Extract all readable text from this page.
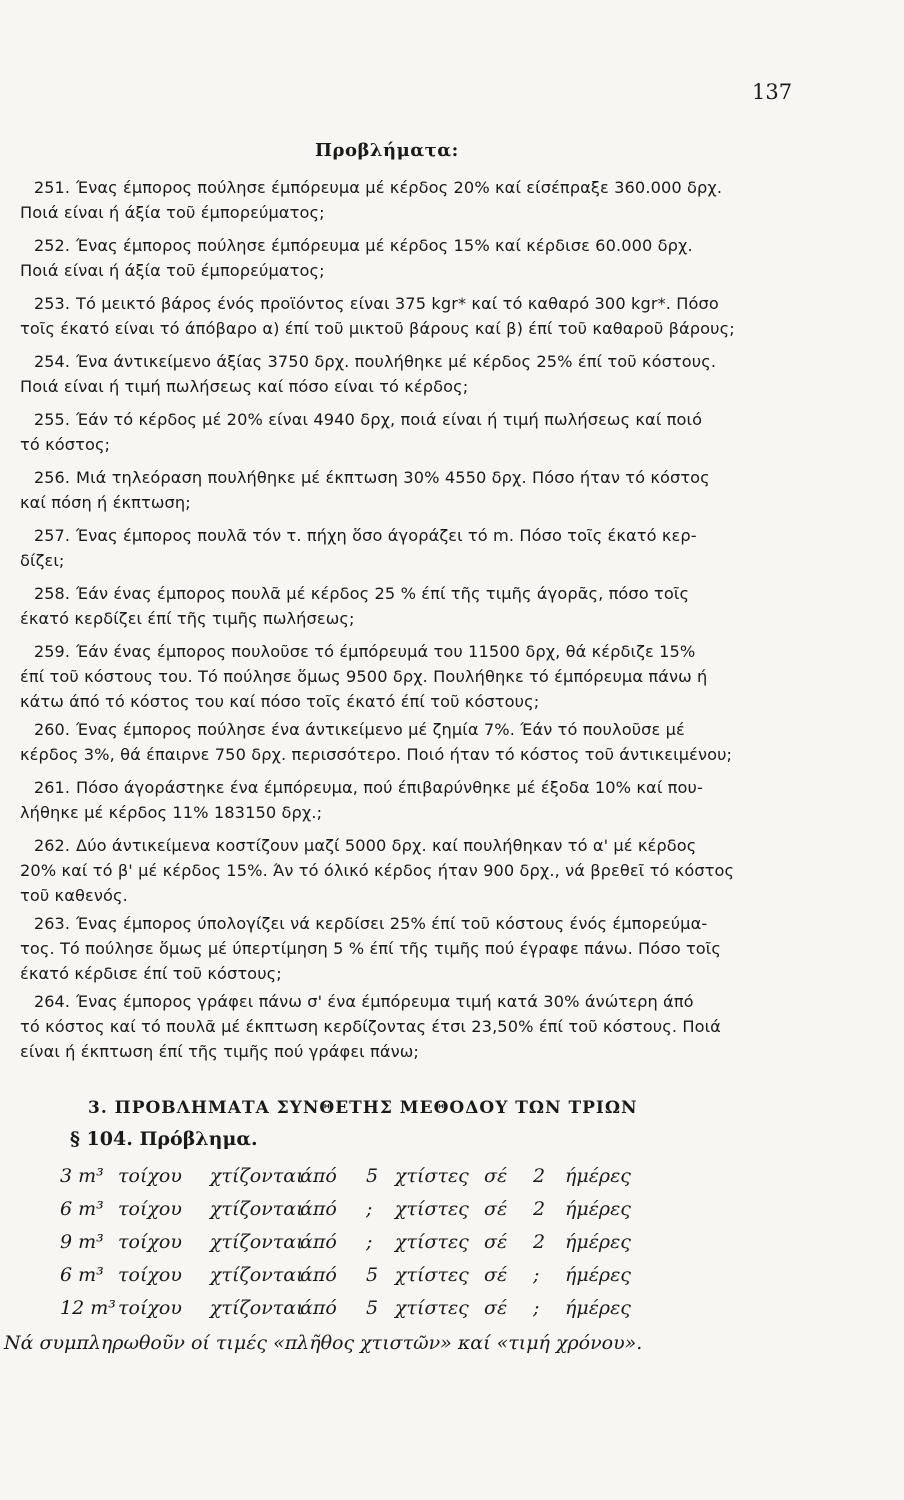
137
Προβλήματα:
251. Ένας έμπορος πούλησε έμπόρευμα μέ κέρδος 20% καί είσέπραξε 360.000 δρχ.
Ποιά είναι ή άξία τοῦ έμπορεύματος;
252. Ένας έμπορος πούλησε έμπόρευμα μέ κέρδος 15% καί κέρδισε 60.000 δρχ.
Ποιά είναι ή άξία τοῦ έμπορεύματος;
253. Τό μεικτό βάρος ένός προϊόντος είναι 375 kgr* καί τό καθαρό 300 kgr*. Πόσο
τοῖς έκατό είναι τό άπόβαρο α) έπί τοῦ μικτοῦ βάρους καί β) έπί τοῦ καθαροῦ βάρους;
254. Ένα άντικείμενο άξίας 3750 δρχ. πουλήθηκε μέ κέρδος 25% έπί τοῦ κόστους.
Ποιά είναι ή τιμή πωλήσεως καί πόσο είναι τό κέρδος;
255. Έάν τό κέρδος μέ 20% είναι 4940 δρχ, ποιά είναι ή τιμή πωλήσεως καί ποιό
τό κόστος;
256. Μιά τηλεόραση πουλήθηκε μέ έκπτωση 30% 4550 δρχ. Πόσο ήταν τό κόστος
καί πόση ή έκπτωση;
257. Ένας έμπορος πουλᾶ τόν τ. πήχη ὅσο άγοράζει τό m. Πόσο τοῖς έκατό κερ-
δίζει;
258. Έάν ένας έμπορος πουλᾶ μέ κέρδος 25 % έπί τῆς τιμῆς άγορᾶς, πόσο τοῖς
έκατό κερδίζει έπί τῆς τιμῆς πωλήσεως;
259. Έάν ένας έμπορος πουλοῦσε τό έμπόρευμά του 11500 δρχ, θά κέρδιζε 15%
έπί τοῦ κόστους του. Τό πούλησε ὅμως 9500 δρχ. Πουλήθηκε τό έμπόρευμα πάνω ή
κάτω άπό τό κόστος του καί πόσο τοῖς έκατό έπί τοῦ κόστους;
260. Ένας έμπορος πούλησε ένα άντικείμενο μέ ζημία 7%. Έάν τό πουλοῦσε μέ
κέρδος 3%, θά έπαιρνε 750 δρχ. περισσότερο. Ποιό ήταν τό κόστος τοῦ άντικειμένου;
261. Πόσο άγοράστηκε ένα έμπόρευμα, πού έπιβαρύνθηκε μέ έξοδα 10% καί που-
λήθηκε μέ κέρδος 11% 183150 δρχ.;
262. Δύο άντικείμενα κοστίζουν μαζί 5000 δρχ. καί πουλήθηκαν τό α' μέ κέρδος
20% καί τό β' μέ κέρδος 15%. Άν τό όλικό κέρδος ήταν 900 δρχ., νά βρεθεῖ τό κόστος
τοῦ καθενός.
263. Ένας έμπορος ύπολογίζει νά κερδίσει 25% έπί τοῦ κόστους ένός έμπορεύμα-
τος. Τό πούλησε ὅμως μέ ύπερτίμηση 5 % έπί τῆς τιμῆς πού έγραφε πάνω. Πόσο τοῖς
έκατό κέρδισε έπί τοῦ κόστους;
264. Ένας έμπορος γράφει πάνω σ' ένα έμπόρευμα τιμή κατά 30% άνώτερη άπό
τό κόστος καί τό πουλᾶ μέ έκπτωση κερδίζοντας έτσι 23,50% έπί τοῦ κόστους. Ποιά
είναι ή έκπτωση έπί τῆς τιμῆς πού γράφει πάνω;
3. ΠΡΟΒΛΗΜΑΤΑ ΣΥΝΘΕΤΗΣ ΜΕΘΟΔΟΥ ΤΩΝ ΤΡΙΩΝ
§ 104. Πρόβλημα.
3 m³ τοίχου χτίζονται
άπό 5 χτίστες σέ 2 ήμέρες
6 m³ τοίχου χτίζονται
άπό ; χτίστες σέ 2 ήμέρες
9 m³ τοίχου χτίζονται
άπό ; χτίστες σέ 2 ήμέρες
6 m³ τοίχου χτίζονται
άπό 5 χτίστες σέ ; ήμέρες
12 m³ τοίχου χτίζονται
άπό 5 χτίστες σέ ; ήμέρες
Νά συμπληρωθοῦν οί τιμές «πλῆθος χτιστῶν» καί «τιμή χρόνου».
